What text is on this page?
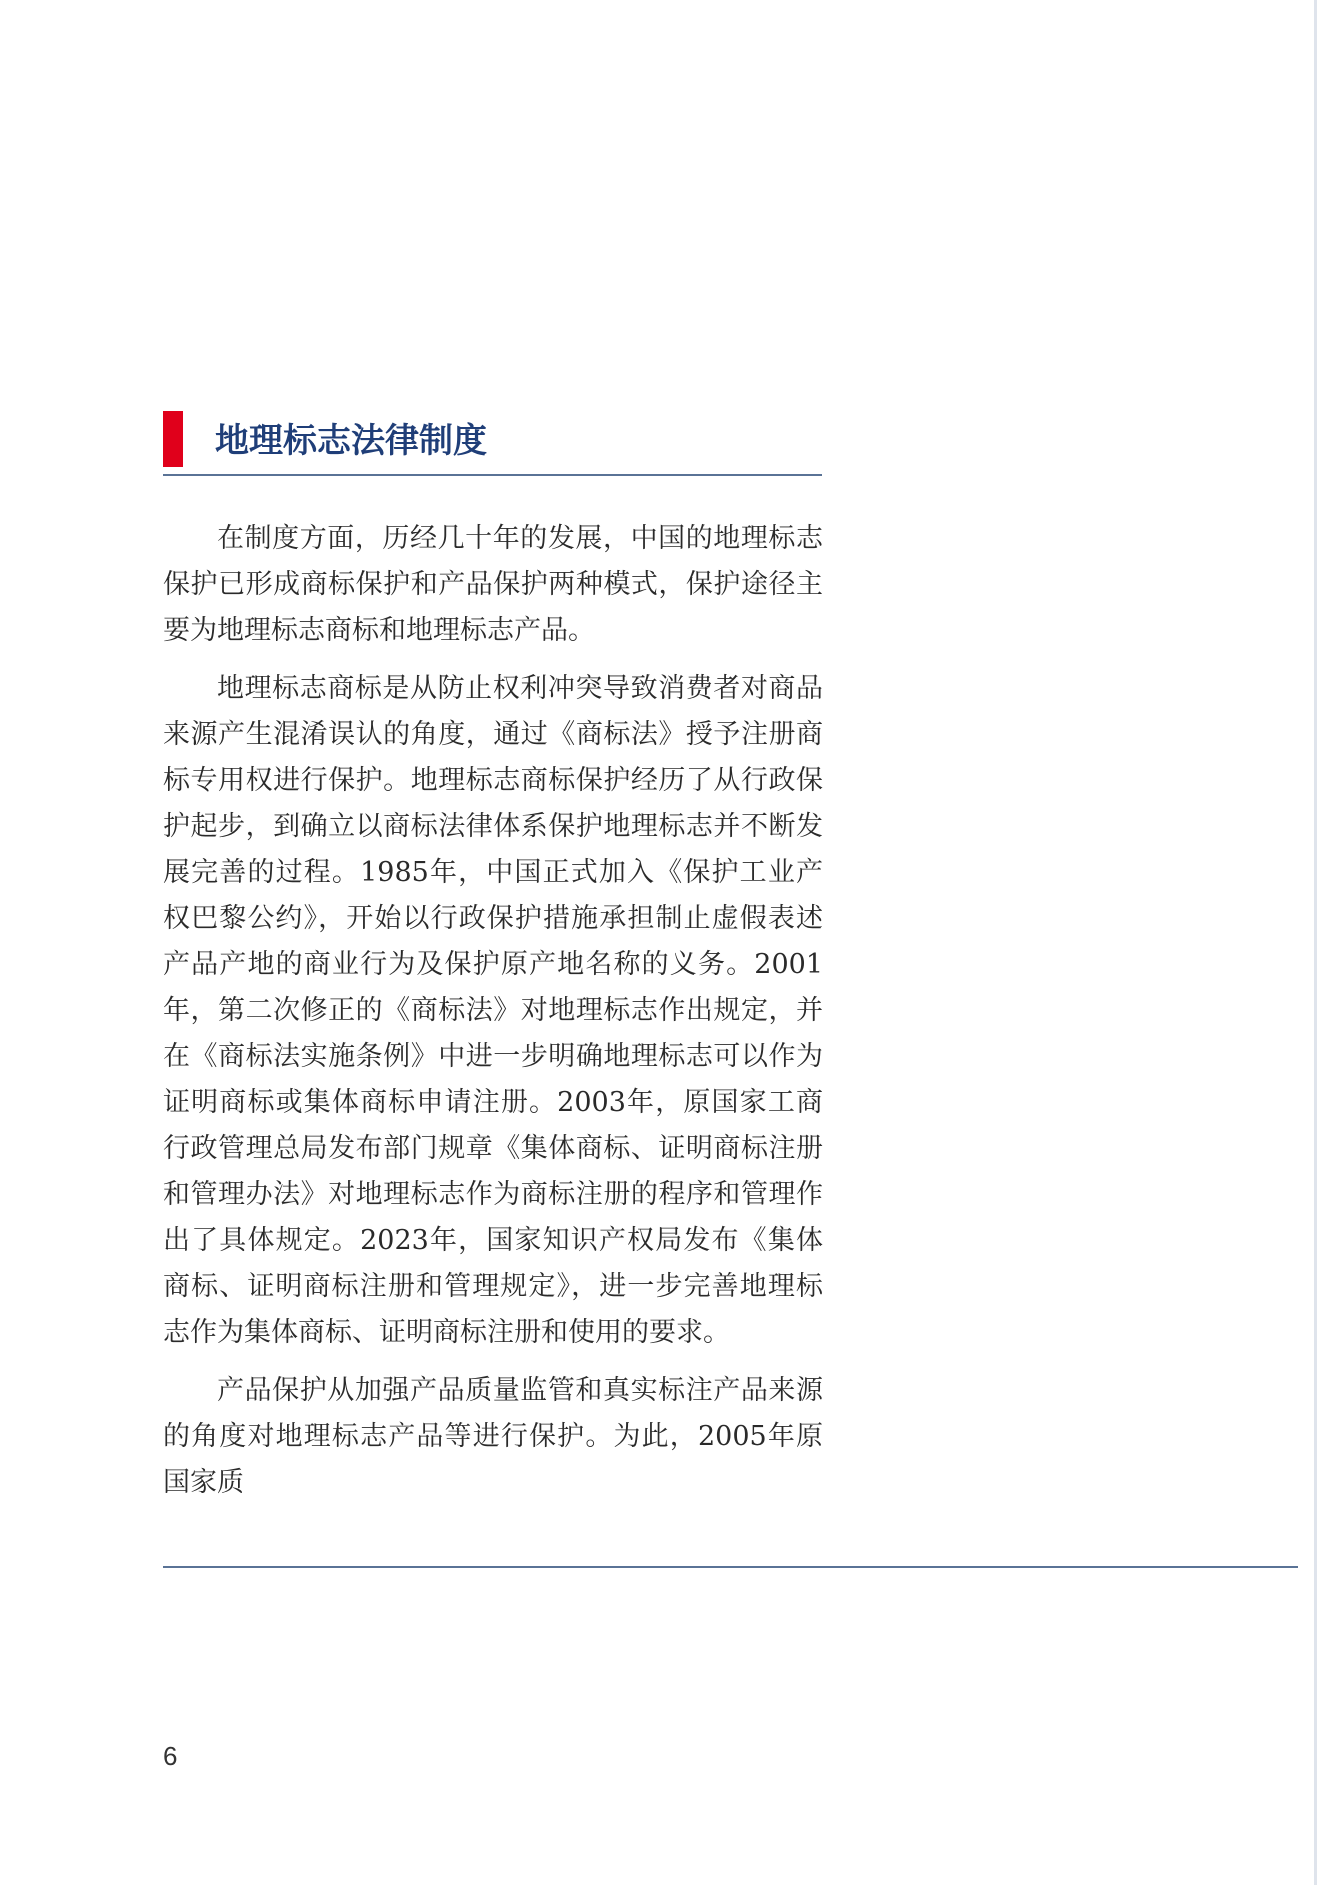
地理标志法律制度

在制度方面，历经几十年的发展，中国的地理标志保护已形成商标保护和产品保护两种模式，保护途径主要为地理标志商标和地理标志产品。

地理标志商标是从防止权利冲突导致消费者对商品来源产生混淆误认的角度，通过《商标法》授予注册商标专用权进行保护。地理标志商标保护经历了从行政保护起步，到确立以商标法律体系保护地理标志并不断发展完善的过程。1985年，中国正式加入《保护工业产权巴黎公约》，开始以行政保护措施承担制止虚假表述产品产地的商业行为及保护原产地名称的义务。2001年，第二次修正的《商标法》对地理标志作出规定，并在《商标法实施条例》中进一步明确地理标志可以作为证明商标或集体商标申请注册。2003年，原国家工商行政管理总局发布部门规章《集体商标、证明商标注册和管理办法》对地理标志作为商标注册的程序和管理作出了具体规定。2023年，国家知识产权局发布《集体商标、证明商标注册和管理规定》，进一步完善地理标志作为集体商标、证明商标注册和使用的要求。

产品保护从加强产品质量监管和真实标注产品来源的角度对地理标志产品等进行保护。为此，2005年原国家质

6
